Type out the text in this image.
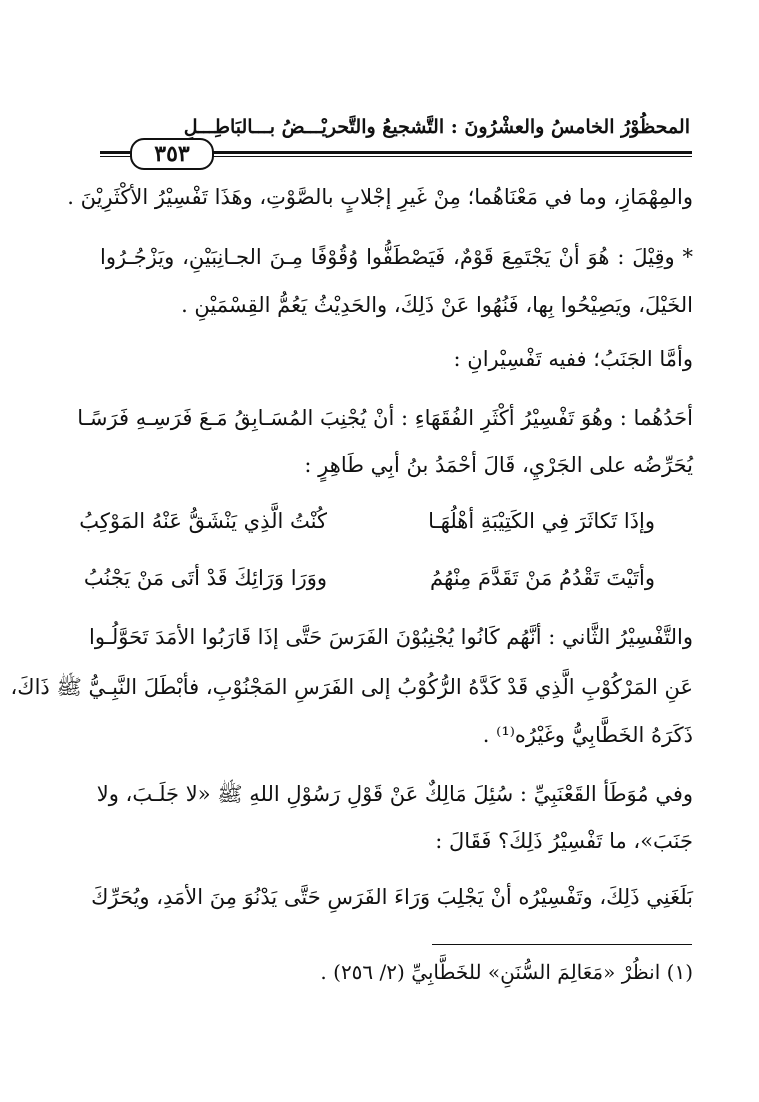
المحظُوْرُ الخامسُ والعشْرُونَ : التَّشجيعُ والتَّحريْـــضُ بـــالبَاطِـــلِ
٣٥٣
والمِهْمَازِ، وما في مَعْنَاهُما؛ مِنْ غَيرِ إجْلابٍ بالصَّوْتِ، وهَذَا تَفْسِيْرُ الأكْثَرِيْنَ .
* وقِيْلَ : هُوَ أنْ يَجْتَمِعَ قَوْمٌ، فَيَصْطَفُّوا وُقُوْفًا مِـنَ الجـانِبَيْنِ، ويَزْجُـرُوا
الخَيْلَ، ويَصِيْحُوا بِها، فَنُهُوا عَنْ ذَلِكَ، والحَدِيْثُ يَعُمُّ القِسْمَيْنِ .
وأمَّا الجَنَبُ؛ ففيه تَفْسِيْرانِ :
أحَدُهُما : وهُوَ تَفْسِيْرُ أكْثَرِ الفُقَهَاءِ : أنْ يُجْنِبَ المُسَـابِقُ مَـعَ فَرَسِـهِ فَرَسًـا
يُحَرِّضُه على الجَرْيِ، قَالَ أحْمَدُ بنُ أبِي طَاهِرٍ :
وإذَا تَكاثَرَ فِي الكَتِيْبَةِ أهْلُهَـا
كُنْتُ الَّذِي يَنْشَقُّ عَنْهُ المَوْكِبُ
وأتَيْتَ تَقْدُمُ مَنْ تَقَدَّمَ مِنْهُمُ
ووَرَا وَرَائِكَ قَدْ أتَى مَنْ يَجْنُبُ
والتَّفْسِيْرُ الثَّاني : أنَّهُم كَانُوا يُجْنِبُوْنَ الفَرَسَ حَتَّى إذَا قَارَبُوا الأمَدَ تَحَوَّلُـوا
عَنِ المَرْكُوْبِ الَّذِي قَدْ كَدَّهُ الرُّكُوْبُ إلى الفَرَسِ المَجْنُوْبِ، فأبْطَلَ النَّبِـيُّ ﷺ ذَاكَ،
ذَكَرَهُ الخَطَّابِيُّ وغَيْرُه⁽¹⁾ .
وفي مُوَطَأ القَعْنَبِيِّ : سُئِلَ مَالِكٌ عَنْ قَوْلِ رَسُوْلِ اللهِ ﷺ «لا جَلَـبَ، ولا
جَنَبَ»، ما تَفْسِيْرُ ذَلِكَ؟ فَقَالَ :
بَلَغَنِي ذَلِكَ، وتَفْسِيْرُه أنْ يَجْلِبَ وَرَاءَ الفَرَسِ حَتَّى يَدْنُوَ مِنَ الأمَدِ، ويُحَرِّكَ
(١) انظُرْ «مَعَالِمَ السُّنَنِ» للخَطَّابِيِّ (٢/ ٢٥٦) .
